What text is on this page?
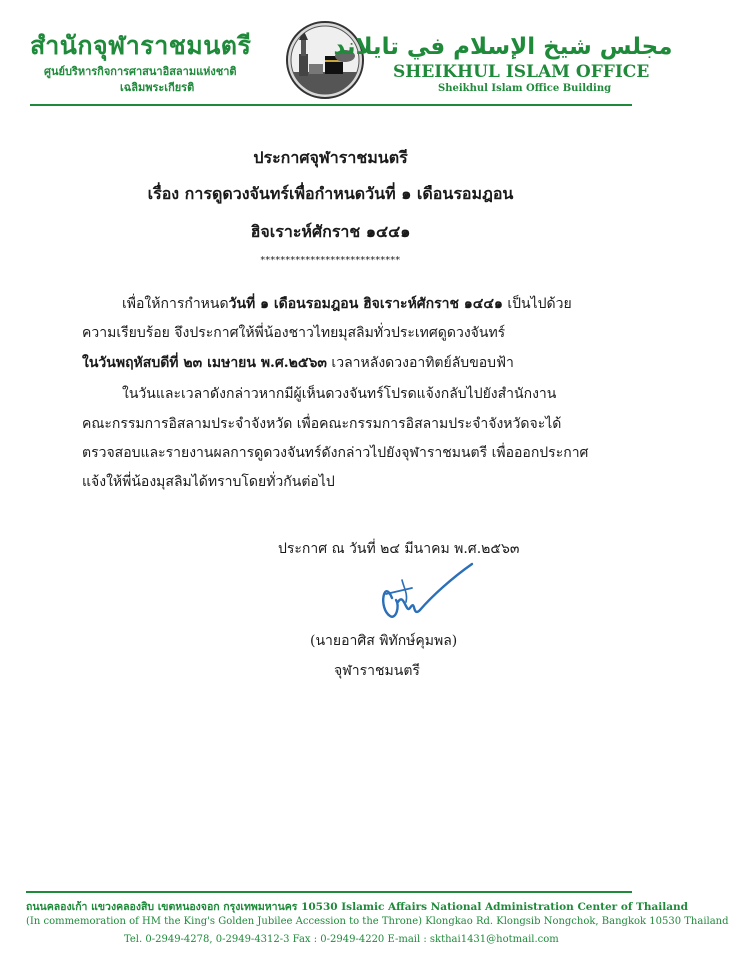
สำนักจุฬาราชมนตรี
ศูนย์บริหารกิจการศาสนาอิสลามแห่งชาติ
เฉลิมพระเกียรติ
مجلس شيخ الإسلام في تايلاند
SHEIKHUL ISLAM OFFICE
Sheikhul Islam Office Building
ประกาศจุฬาราชมนตรี
เรื่อง การดูดวงจันทร์เพื่อกำหนดวันที่ ๑ เดือนรอมฎอน
ฮิจเราะห์ศักราช ๑๔๔๑
****************************
เพื่อให้การกำหนดวันที่ ๑ เดือนรอมฎอน ฮิจเราะห์ศักราช ๑๔๔๑ เป็นไปด้วย
ความเรียบร้อย จึงประกาศให้พี่น้องชาวไทยมุสลิมทั่วประเทศดูดวงจันทร์
ในวันพฤหัสบดีที่ ๒๓ เมษายน พ.ศ.๒๕๖๓ เวลาหลังดวงอาทิตย์ลับขอบฟ้า
ในวันและเวลาดังกล่าวหากมีผู้เห็นดวงจันทร์โปรดแจ้งกลับไปยังสำนักงาน
คณะกรรมการอิสลามประจำจังหวัด เพื่อคณะกรรมการอิสลามประจำจังหวัดจะได้
ตรวจสอบและรายงานผลการดูดวงจันทร์ดังกล่าวไปยังจุฬาราชมนตรี เพื่อออกประกาศ
แจ้งให้พี่น้องมุสลิมได้ทราบโดยทั่วกันต่อไป
ประกาศ ณ วันที่ ๒๔ มีนาคม พ.ศ.๒๕๖๓
(นายอาศิส พิทักษ์คุมพล)
จุฬาราชมนตรี
ถนนคลองเก้า แขวงคลองสิบ เขตหนองจอก กรุงเทพมหานคร 10530 Islamic Affairs National Administration Center of Thailand
(In commemoration of HM the King's Golden Jubilee Accession to the Throne) Klongkao Rd. Klongsib Nongchok, Bangkok 10530 Thailand
Tel. 0-2949-4278, 0-2949-4312-3 Fax : 0-2949-4220 E-mail : skthai1431@hotmail.com
